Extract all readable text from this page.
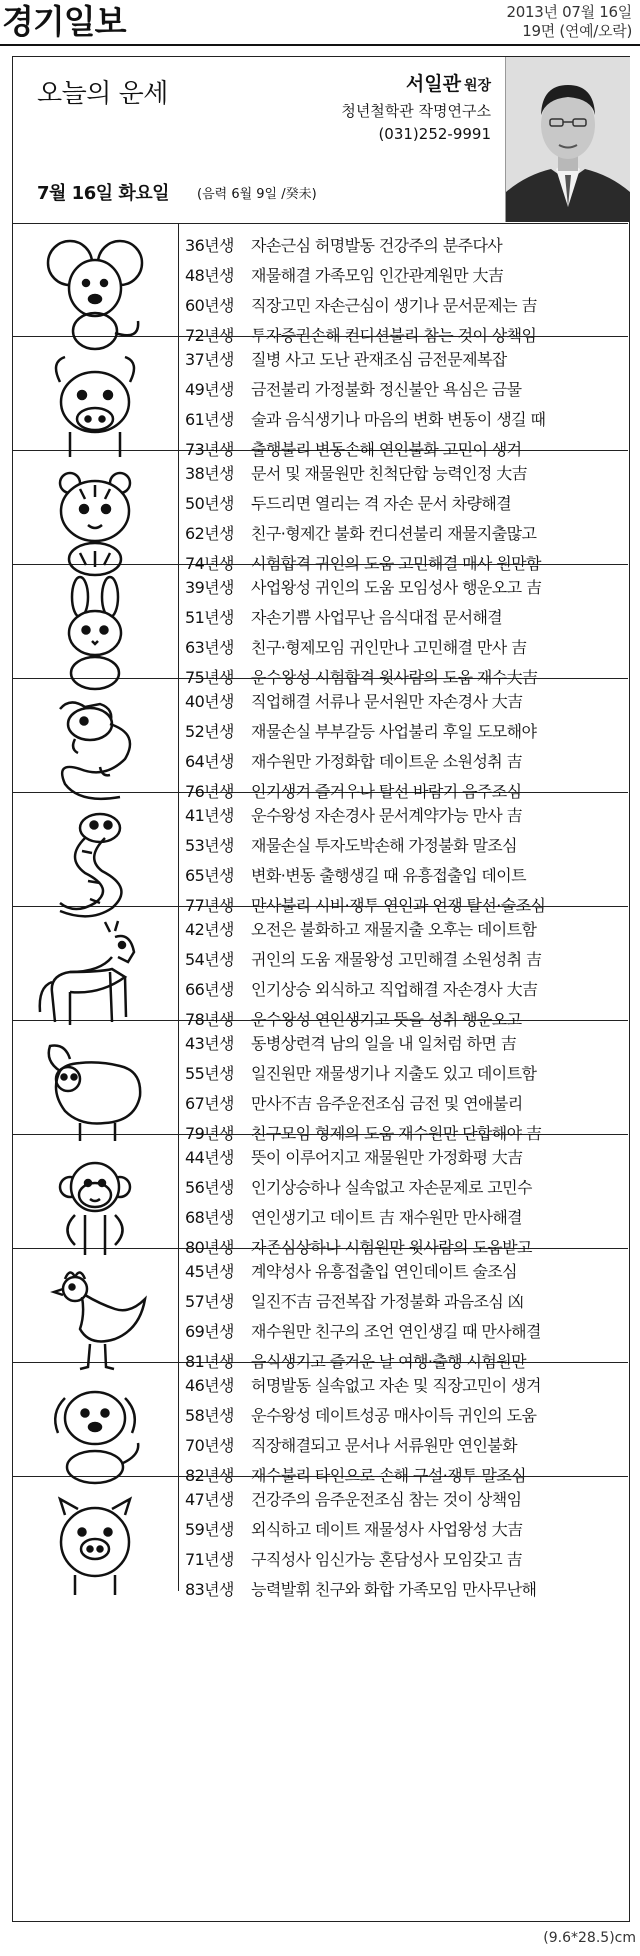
경기일보	2013년 07월 16일
19면 (연예/오락)
오늘의 운세	서일관 원장
청년철학관 작명연구소
(031)252-9991
7월 16일 화요일 (음력 6월 9일 /癸未)
36년생 자손근심 허명발동 건강주의 분주다사
48년생 재물해결 가족모임 인간관계원만 大吉
60년생 직장고민 자손근심이 생기나 문서문제는 吉
72년생 투자증권손해 컨디션불리 참는 것이 상책임
37년생 질병 사고 도난 관재조심 금전문제복잡
49년생 금전불리 가정불화 정신불안 욕심은 금물
61년생 술과 음식생기나 마음의 변화 변동이 생길 때
73년생 출행불리 변동손해 연인불화 고민이 생겨
38년생 문서 및 재물원만 친척단합 능력인정 大吉
50년생 두드리면 열리는 격 자손 문서 차량해결
62년생 친구·형제간 불화 컨디션불리 재물지출많고
74년생 시험합격 귀인의 도움 고민해결 매사 원만함
39년생 사업왕성 귀인의 도움 모임성사 행운오고 吉
51년생 자손기쁨 사업무난 음식대접 문서해결
63년생 친구·형제모임 귀인만나 고민해결 만사 吉
75년생 운수왕성 시험합격 윗사람의 도움 재수大吉
40년생 직업해결 서류나 문서원만 자손경사 大吉
52년생 재물손실 부부갈등 사업불리 후일 도모해야
64년생 재수원만 가정화합 데이트운 소원성취 吉
76년생 인기생겨 즐거우나 탈선 바람기 음주조심
41년생 운수왕성 자손경사 문서계약가능 만사 吉
53년생 재물손실 투자도박손해 가정불화 말조심
65년생 변화·변동 출행생길 때 유흥접출입 데이트
77년생 만사불리 시비·쟁투 연인과 언쟁 탈선·술조심
42년생 오전은 불화하고 재물지출 오후는 데이트함
54년생 귀인의 도움 재물왕성 고민해결 소원성취 吉
66년생 인기상승 외식하고 직업해결 자손경사 大吉
78년생 운수왕성 연인생기고 뜻을 성취 행운오고
43년생 동병상련격 남의 일을 내 일처럼 하면 吉
55년생 일진원만 재물생기나 지출도 있고 데이트함
67년생 만사不吉 음주운전조심 금전 및 연애불리
79년생 친구모임 형제의 도움 재수원만 단합해야 吉
44년생 뜻이 이루어지고 재물원만 가정화평 大吉
56년생 인기상승하나 실속없고 자손문제로 고민수
68년생 연인생기고 데이트 吉 재수원만 만사해결
80년생 자존심상하나 시험원만 윗사람의 도움받고
45년생 계약성사 유흥접출입 연인데이트 술조심
57년생 일진不吉 금전복잡 가정불화 과음조심 凶
69년생 재수원만 친구의 조언 연인생길 때 만사해결
81년생 음식생기고 즐거운 날 여행·출행 시험원만
46년생 허명발동 실속없고 자손 및 직장고민이 생겨
58년생 운수왕성 데이트성공 매사이득 귀인의 도움
70년생 직장해결되고 문서나 서류원만 연인불화
82년생 재수불리 타인으로 손해 구설·쟁투 말조심
47년생 건강주의 음주운전조심 참는 것이 상책임
59년생 외식하고 데이트 재물성사 사업왕성 大吉
71년생 구직성사 임신가능 혼담성사 모임갖고 吉
83년생 능력발휘 친구와 화합 가족모임 만사무난해
(9.6*28.5)cm
